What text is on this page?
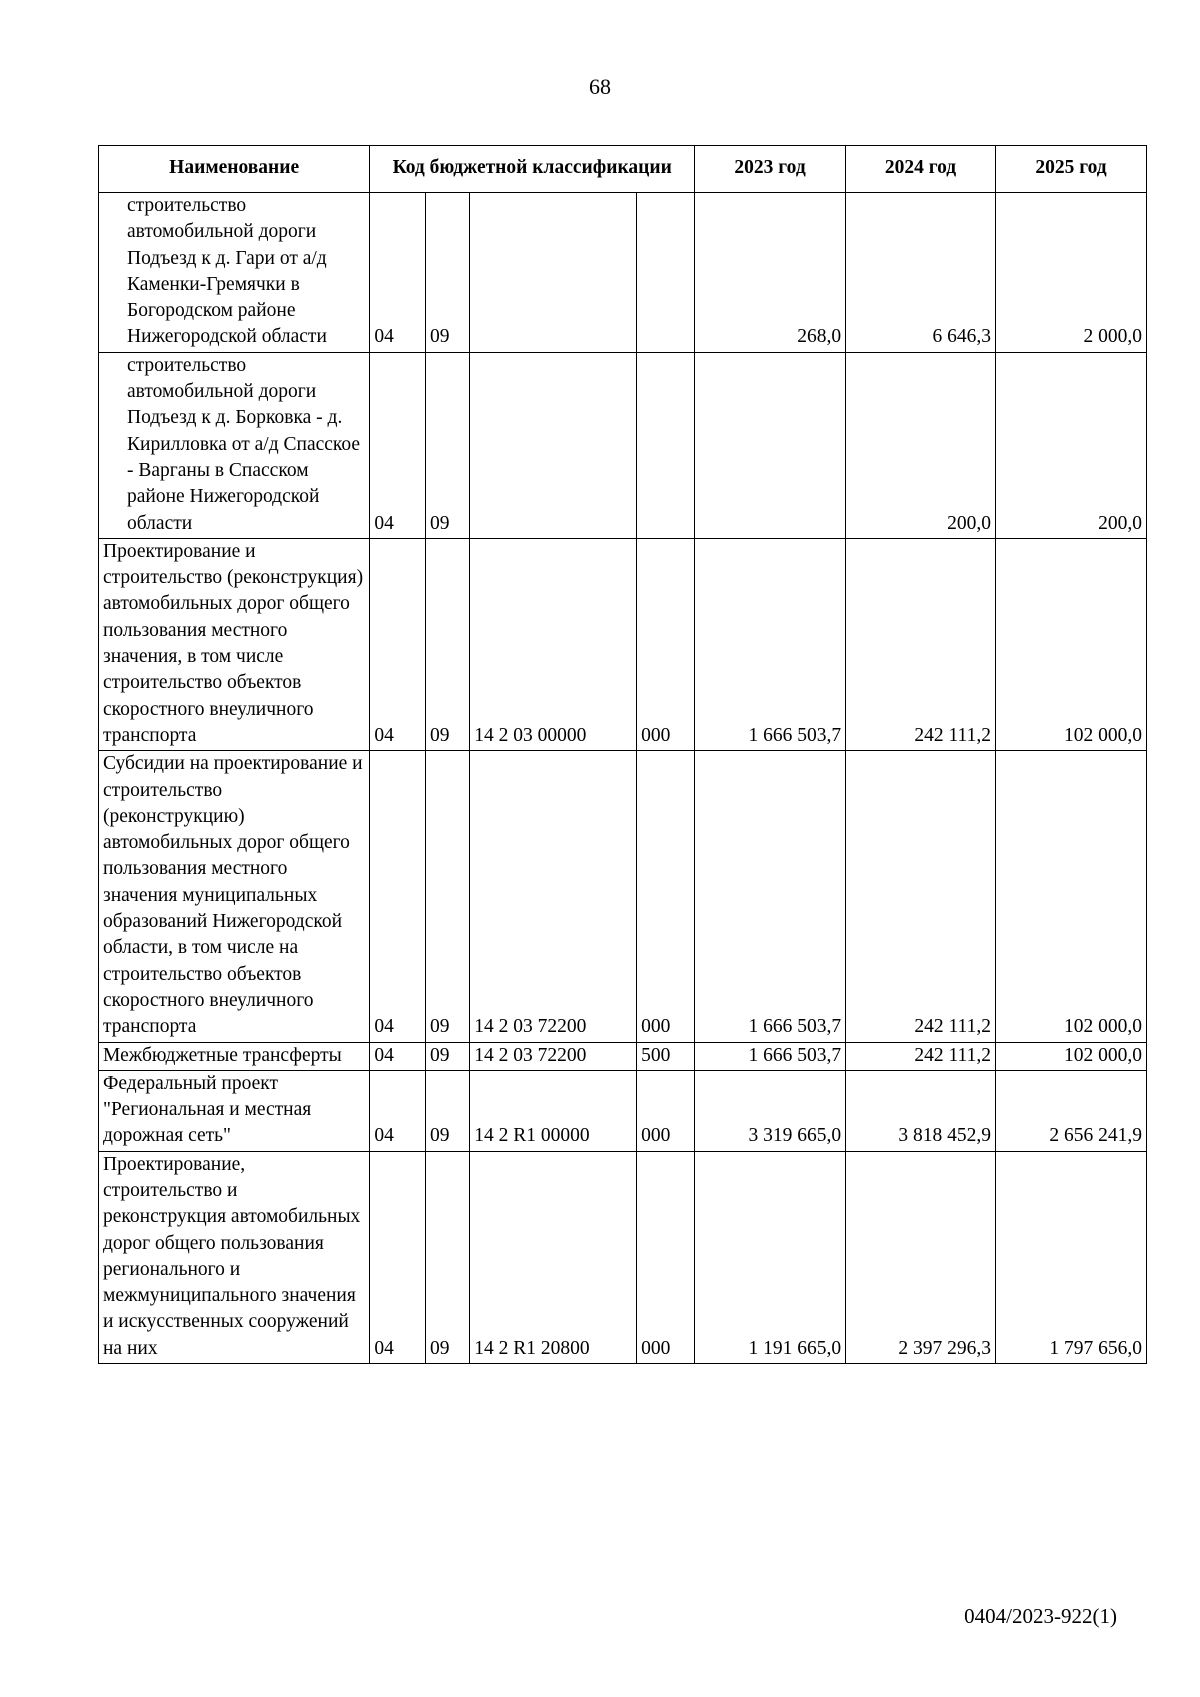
68
Наименование	Код бюджетной классификации				2023 год	2024 год	2025 год
строительство автомобильной дороги Подъезд к д. Гари от а/д Каменки-Гремячки в Богородском районе Нижегородской области	04	09			268,0	6 646,3	2 000,0
строительство автомобильной дороги Подъезд к д. Борковка - д. Кирилловка от а/д Спасское - Варганы в Спасском районе Нижегородской области	04	09				200,0	200,0
Проектирование и строительство (реконструкция) автомобильных дорог общего пользования местного значения, в том числе строительство объектов скоростного внеуличного транспорта	04	09	14 2 03 00000	000	1 666 503,7	242 111,2	102 000,0
Субсидии на проектирование и строительство (реконструкцию) автомобильных дорог общего пользования местного значения муниципальных образований Нижегородской области, в том числе на строительство объектов скоростного внеуличного транспорта	04	09	14 2 03 72200	000	1 666 503,7	242 111,2	102 000,0
Межбюджетные трансферты	04	09	14 2 03 72200	500	1 666 503,7	242 111,2	102 000,0
Федеральный проект "Региональная и местная дорожная сеть"	04	09	14 2 R1 00000	000	3 319 665,0	3 818 452,9	2 656 241,9
Проектирование, строительство и реконструкция автомобильных дорог общего пользования регионального и межмуниципального значения и искусственных сооружений на них	04	09	14 2 R1 20800	000	1 191 665,0	2 397 296,3	1 797 656,0
0404/2023-922(1)
